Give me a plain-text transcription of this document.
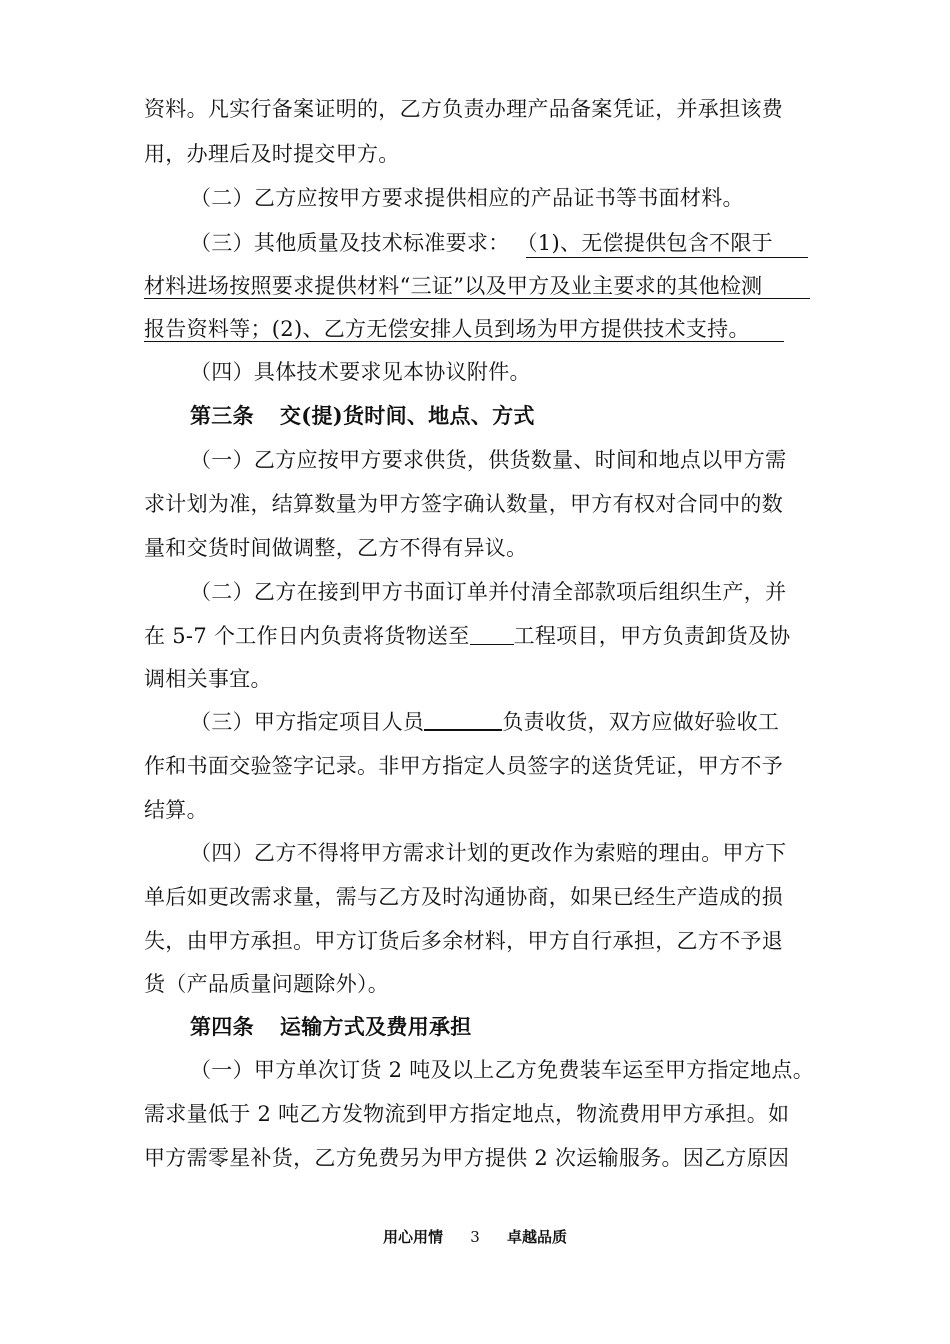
资料。凡实行备案证明的，乙方负责办理产品备案凭证，并承担该费
用，办理后及时提交甲方。
（二）乙方应按甲方要求提供相应的产品证书等书面材料。
（三）其他质量及技术标准要求： （1)、无偿提供包含不限于
材料进场按照要求提供材料“三证”以及甲方及业主要求的其他检测
报告资料等；(2)、乙方无偿安排人员到场为甲方提供技术支持。
（四）具体技术要求见本协议附件。
第三条 交(提)货时间、地点、方式
（一）乙方应按甲方要求供货，供货数量、时间和地点以甲方需
求计划为准，结算数量为甲方签字确认数量，甲方有权对合同中的数
量和交货时间做调整，乙方不得有异议。
（二）乙方在接到甲方书面订单并付清全部款项后组织生产，并
在 5-7 个工作日内负责将货物送至 工程项目，甲方负责卸货及协
调相关事宜。
（三）甲方指定项目人员	负责收货，双方应做好验收工
作和书面交验签字记录。非甲方指定人员签字的送货凭证，甲方不予
结算。
（四）乙方不得将甲方需求计划的更改作为索赔的理由。甲方下
单后如更改需求量，需与乙方及时沟通协商，如果已经生产造成的损
失，由甲方承担。甲方订货后多余材料，甲方自行承担，乙方不予退
货（产品质量问题除外）。
第四条 运输方式及费用承担
（一）甲方单次订货 2 吨及以上乙方免费装车运至甲方指定地点。
需求量低于 2 吨乙方发物流到甲方指定地点，物流费用甲方承担。如
甲方需零星补货，乙方免费另为甲方提供 2 次运输服务。因乙方原因
用心用情 3 卓越品质
